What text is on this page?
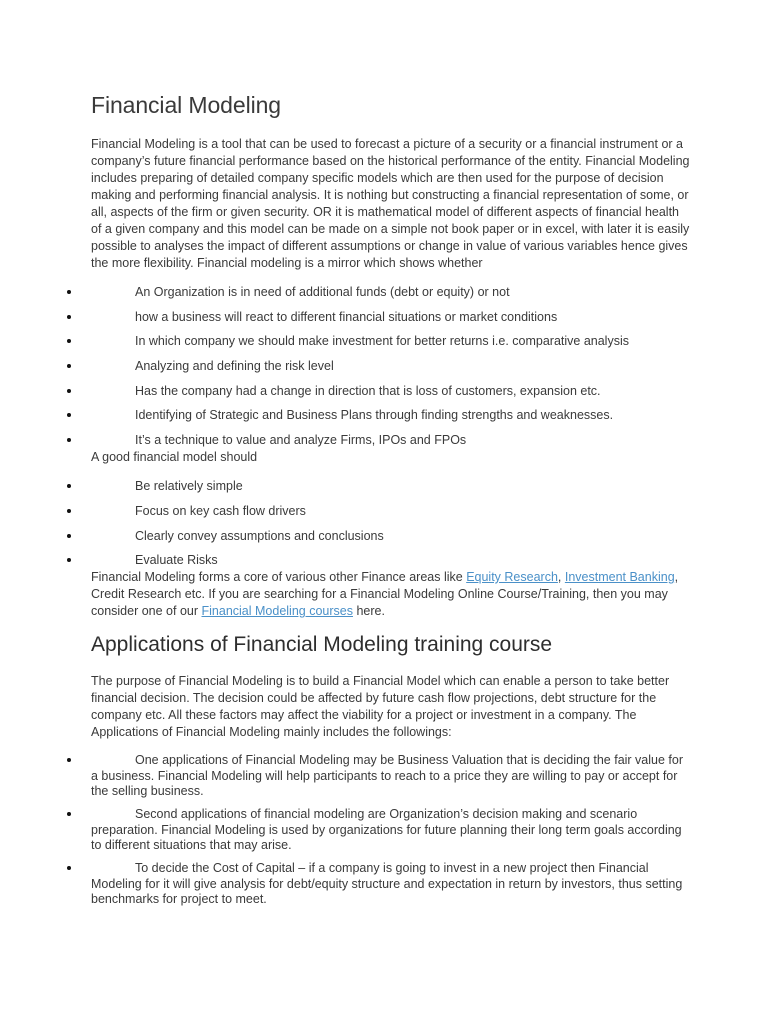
Financial Modeling

Financial Modeling is a tool that can be used to forecast a picture of a security or a financial instrument or a company’s future financial performance based on the historical performance of the entity. Financial Modeling includes preparing of detailed company specific models which are then used for the purpose of decision making and performing financial analysis. It is nothing but constructing a financial representation of some, or all, aspects of the firm or given security. OR it is mathematical model of different aspects of financial health of a given company and this model can be made on a simple not book paper or in excel, with later it is easily possible to analyses the impact of different assumptions or change in value of various variables hence gives the more flexibility. Financial modeling is a mirror which shows whether

An Organization is in need of additional funds (debt or equity) or not
how a business will react to different financial situations or market conditions
In which company we should make investment for better returns i.e. comparative analysis
Analyzing and defining the risk level
Has the company had a change in direction that is loss of customers, expansion etc.
Identifying of Strategic and Business Plans through finding strengths and weaknesses.
It’s a technique to value and analyze Firms, IPOs and FPOs

A good financial model should

Be relatively simple
Focus on key cash flow drivers
Clearly convey assumptions and conclusions
Evaluate Risks

Financial Modeling forms a core of various other Finance areas like Equity Research, Investment Banking, Credit Research etc. If you are searching for a Financial Modeling Online Course/Training, then you may consider one of our Financial Modeling courses here.

Applications of Financial Modeling training course

The purpose of Financial Modeling is to build a Financial Model which can enable a person to take better financial decision. The decision could be affected by future cash flow projections, debt structure for the company etc. All these factors may affect the viability for a project or investment in a company. The Applications of Financial Modeling mainly includes the followings:

One applications of Financial Modeling may be Business Valuation that is deciding the fair value for a business. Financial Modeling will help participants to reach to a price they are willing to pay or accept for the selling business.
Second applications of financial modeling are Organization’s decision making and scenario preparation. Financial Modeling is used by organizations for future planning their long term goals according to different situations that may arise.
To decide the Cost of Capital – if a company is going to invest in a new project then Financial Modeling for it will give analysis for debt/equity structure and expectation in return by investors, thus setting benchmarks for project to meet.
